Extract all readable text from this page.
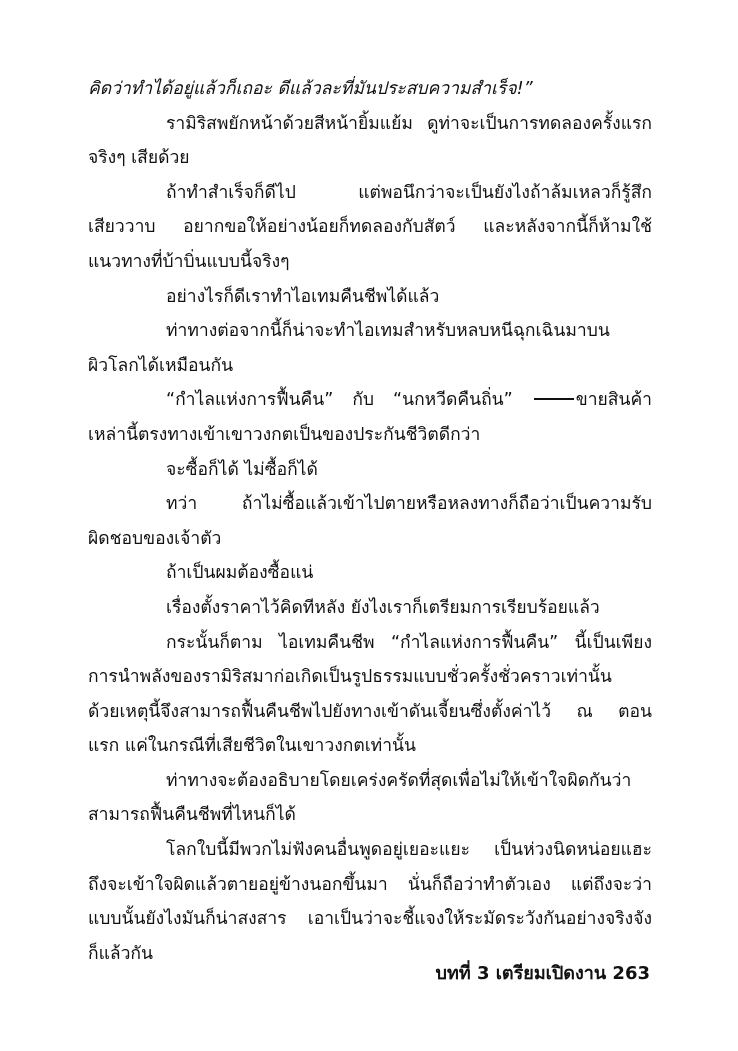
คิดว่าทำได้อยู่แล้วก็เถอะ ดีแล้วละที่มันประสบความสำเร็จ!”
รามิริสพยักหน้าด้วยสีหน้ายิ้มแย้ม ดูท่าจะเป็นการทดลองครั้งแรก
จริงๆ เสียด้วย
ถ้าทำสำเร็จก็ดีไป แต่พอนึกว่าจะเป็นยังไงถ้าล้มเหลวก็รู้สึก
เสียววาบ อยากขอให้อย่างน้อยก็ทดลองกับสัตว์ และหลังจากนี้ก็ห้ามใช้
แนวทางที่บ้าบิ่นแบบนี้จริงๆ
อย่างไรก็ดีเราทำไอเทมคืนชีพได้แล้ว
ท่าทางต่อจากนี้ก็น่าจะทำไอเทมสำหรับหลบหนีฉุกเฉินมาบน
ผิวโลกได้เหมือนกัน
“กำไลแห่งการฟื้นคืน” กับ “นกหวีดคืนถิ่น”	ขายสินค้า
เหล่านี้ตรงทางเข้าเขาวงกตเป็นของประกันชีวิตดีกว่า
จะซื้อก็ได้ ไม่ซื้อก็ได้
ทว่า ถ้าไม่ซื้อแล้วเข้าไปตายหรือหลงทางก็ถือว่าเป็นความรับ
ผิดชอบของเจ้าตัว
ถ้าเป็นผมต้องซื้อแน่
เรื่องตั้งราคาไว้คิดทีหลัง ยังไงเราก็เตรียมการเรียบร้อยแล้ว
กระนั้นก็ตาม ไอเทมคืนชีพ “กำไลแห่งการฟื้นคืน” นี้เป็นเพียง
การนำพลังของรามิริสมาก่อเกิดเป็นรูปธรรมแบบชั่วครั้งชั่วคราวเท่านั้น
ด้วยเหตุนี้จึงสามารถฟื้นคืนชีพไปยังทางเข้าดันเจี้ยนซึ่งตั้งค่าไว้ ณ ตอน
แรก แค่ในกรณีที่เสียชีวิตในเขาวงกตเท่านั้น
ท่าทางจะต้องอธิบายโดยเคร่งครัดที่สุดเพื่อไม่ให้เข้าใจผิดกันว่า
สามารถฟื้นคืนชีพที่ไหนก็ได้
โลกใบนี้มีพวกไม่ฟังคนอื่นพูดอยู่เยอะแยะ เป็นห่วงนิดหน่อยแฮะ
ถึงจะเข้าใจผิดแล้วตายอยู่ข้างนอกขึ้นมา นั่นก็ถือว่าทำตัวเอง แต่ถึงจะว่า
แบบนั้นยังไงมันก็น่าสงสาร เอาเป็นว่าจะชี้แจงให้ระมัดระวังกันอย่างจริงจัง
ก็แล้วกัน
บทที่ 3 เตรียมเปิดงาน 263
